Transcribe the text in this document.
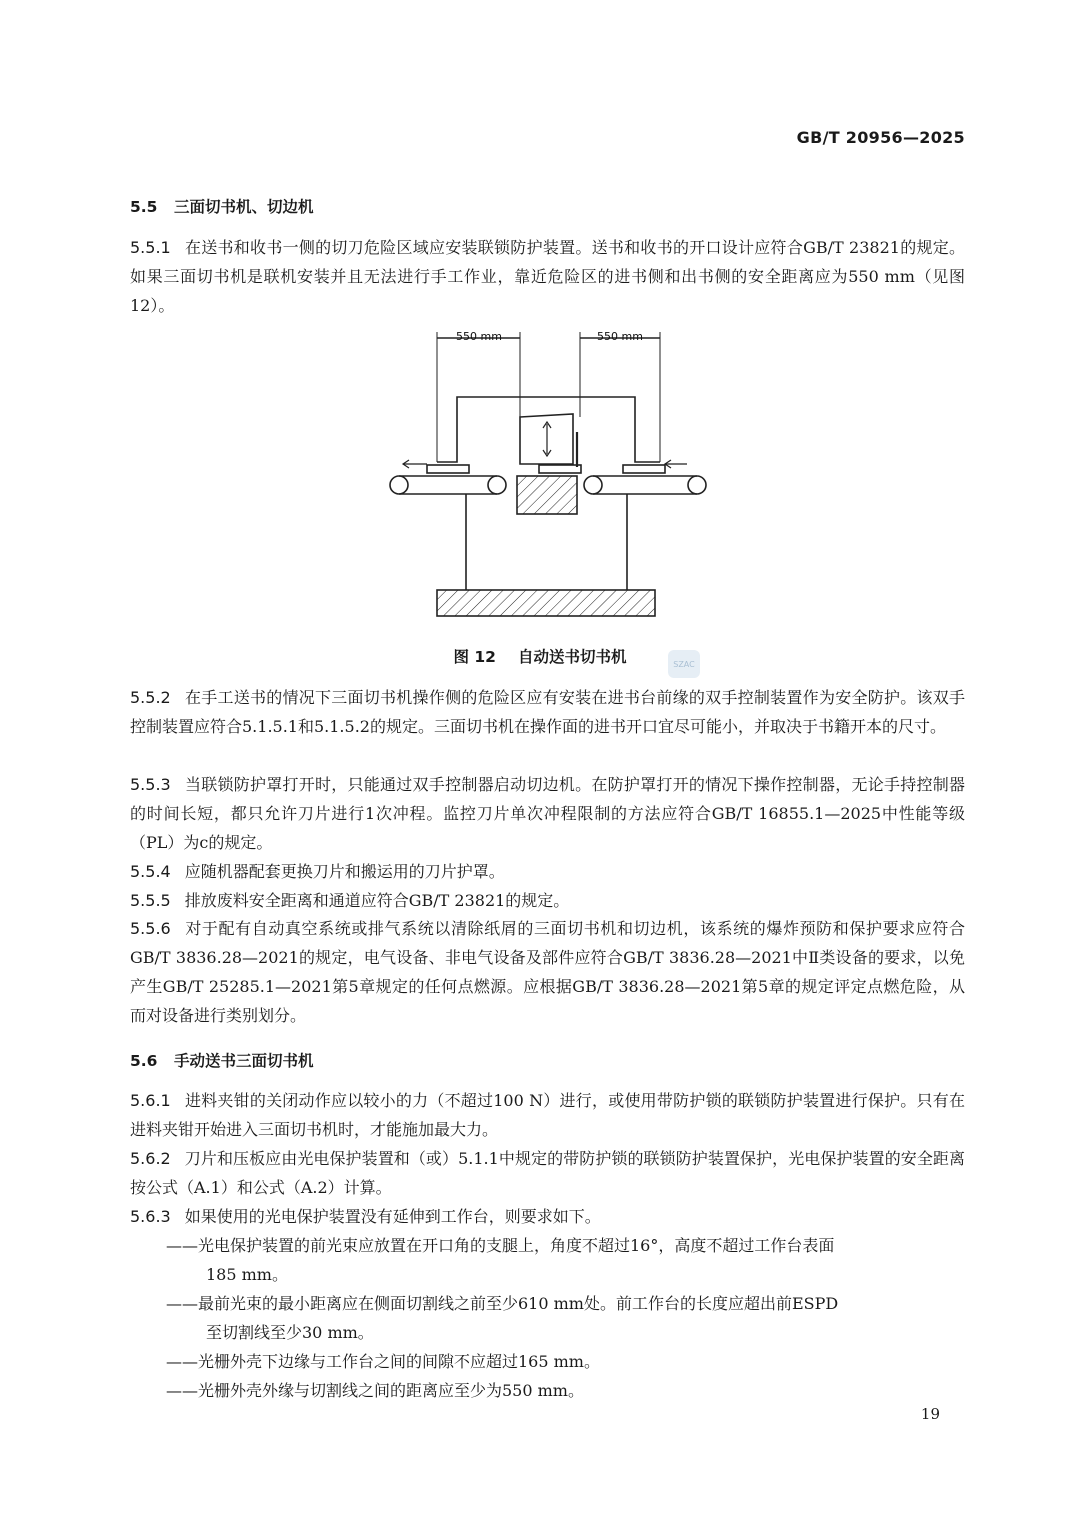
GB/T 20956—2025
5.5 三面切书机、切边机
5.5.1 在送书和收书一侧的切刀危险区域应安装联锁防护装置。送书和收书的开口设计应符合GB/T 23821的规定。如果三面切书机是联机安装并且无法进行手工作业，靠近危险区的进书侧和出书侧的安全距离应为550 mm（见图12）。
550 mm	550 mm
图 12 自动送书切书机	SZAC
5.5.2 在手工送书的情况下三面切书机操作侧的危险区应有安装在进书台前缘的双手控制装置作为安全防护。该双手控制装置应符合5.1.5.1和5.1.5.2的规定。三面切书机在操作面的进书开口宜尽可能小，并取决于书籍开本的尺寸。
5.5.3 当联锁防护罩打开时，只能通过双手控制器启动切边机。在防护罩打开的情况下操作控制器，无论手持控制器的时间长短，都只允许刀片进行1次冲程。监控刀片单次冲程限制的方法应符合GB/T 16855.1—2025中性能等级（PL）为c的规定。
5.5.4 应随机器配套更换刀片和搬运用的刀片护罩。
5.5.5 排放废料安全距离和通道应符合GB/T 23821的规定。
5.5.6 对于配有自动真空系统或排气系统以清除纸屑的三面切书机和切边机，该系统的爆炸预防和保护要求应符合GB/T 3836.28—2021的规定，电气设备、非电气设备及部件应符合GB/T 3836.28—2021中Ⅱ类设备的要求，以免产生GB/T 25285.1—2021第5章规定的任何点燃源。应根据GB/T 3836.28—2021第5章的规定评定点燃危险，从而对设备进行类别划分。
5.6 手动送书三面切书机
5.6.1 进料夹钳的关闭动作应以较小的力（不超过100 N）进行，或使用带防护锁的联锁防护装置进行保护。只有在进料夹钳开始进入三面切书机时，才能施加最大力。
5.6.2 刀片和压板应由光电保护装置和（或）5.1.1中规定的带防护锁的联锁防护装置保护，光电保护装置的安全距离按公式（A.1）和公式（A.2）计算。
5.6.3 如果使用的光电保护装置没有延伸到工作台，则要求如下。
——光电保护装置的前光束应放置在开口角的支腿上，角度不超过16°，高度不超过工作台表面
185 mm。
——最前光束的最小距离应在侧面切割线之前至少610 mm处。前工作台的长度应超出前ESPD
至切割线至少30 mm。
——光栅外壳下边缘与工作台之间的间隙不应超过165 mm。
——光栅外壳外缘与切割线之间的距离应至少为550 mm。
19
